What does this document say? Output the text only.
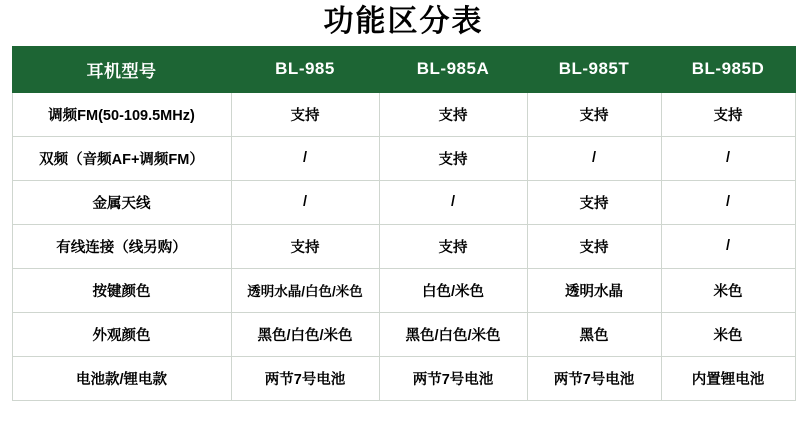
功能区分表
耳机型号	BL-985	BL-985A	BL-985T	BL-985D
调频FM(50-109.5MHz)	支持	支持	支持	支持
双频（音频AF+调频FM）	/	支持	/	/
金属天线	/	/	支持	/
有线连接（线另购）	支持	支持	支持	/
按键颜色	透明水晶/白色/米色	白色/米色	透明水晶	米色
外观颜色	黑色/白色/米色	黑色/白色/米色	黑色	米色
电池款/锂电款	两节7号电池	两节7号电池	两节7号电池	内置锂电池
